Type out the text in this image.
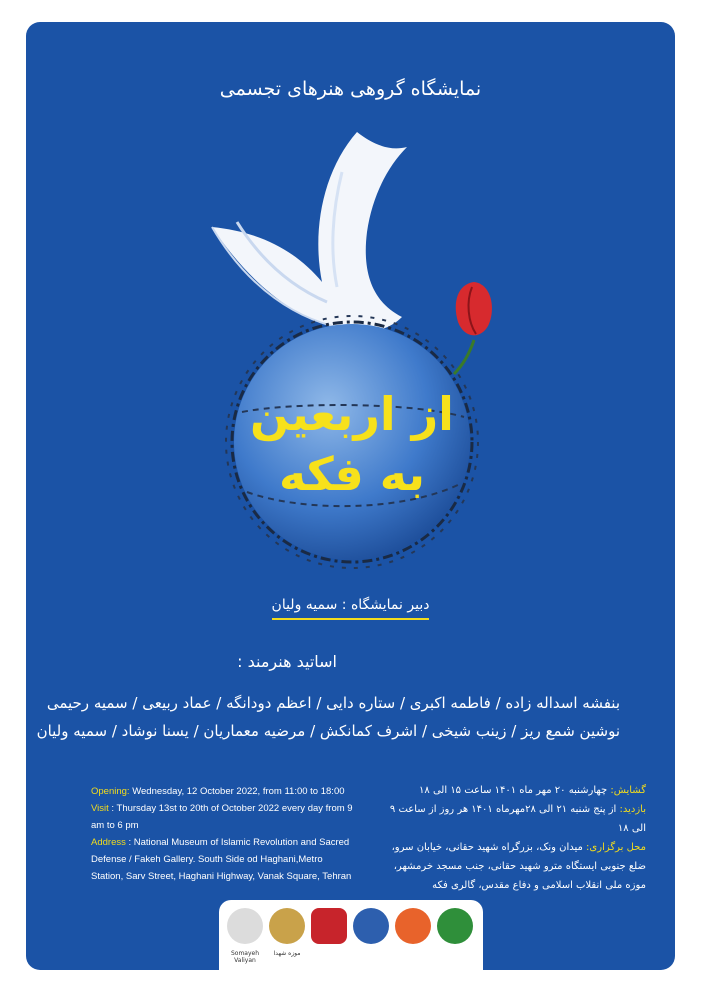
نمایشگاه گروهی هنرهای تجسمی
از اربعین
به فکه
دبیر نمایشگاه : سمیه ولیان
اساتید هنرمند :
بنفشه اسداله زاده / فاطمه اکبری / ستاره دایی / اعظم دودانگه / عماد ربیعی / سمیه رحیمی
نوشین شمع ریز / زینب شیخی / اشرف کمانکش / مرضیه معماریان / یسنا نوشاد / سمیه ولیان
Opening: Wednesday, 12 October 2022, from 11:00 to 18:00
Visit : Thursday 13st to 20th of October 2022 every day from 9 am to 6 pm
Address : National Museum of Islamic Revolution and Sacred Defense / Fakeh Gallery. South Side od Haghani,Metro Station, Sarv Street, Haghani Highway, Vanak Square, Tehran
گشایش: چهارشنبه ۲۰ مهر ماه ۱۴۰۱ ساعت ۱۵ الی ۱۸
بازدید: از پنج شنبه ۲۱ الی ۲۸مهرماه ۱۴۰۱ هر روز از ساعت ۹ الی ۱۸
محل برگزاری: میدان ونک، بزرگراه شهید حقانی، خیابان سرو، ضلع جنوبی ایستگاه مترو شهید حقانی، جنب مسجد خرمشهر، موزه ملی انقلاب اسلامی و دفاع مقدس، گالری فکه
Somayeh Valiyan
موزه شهدا
